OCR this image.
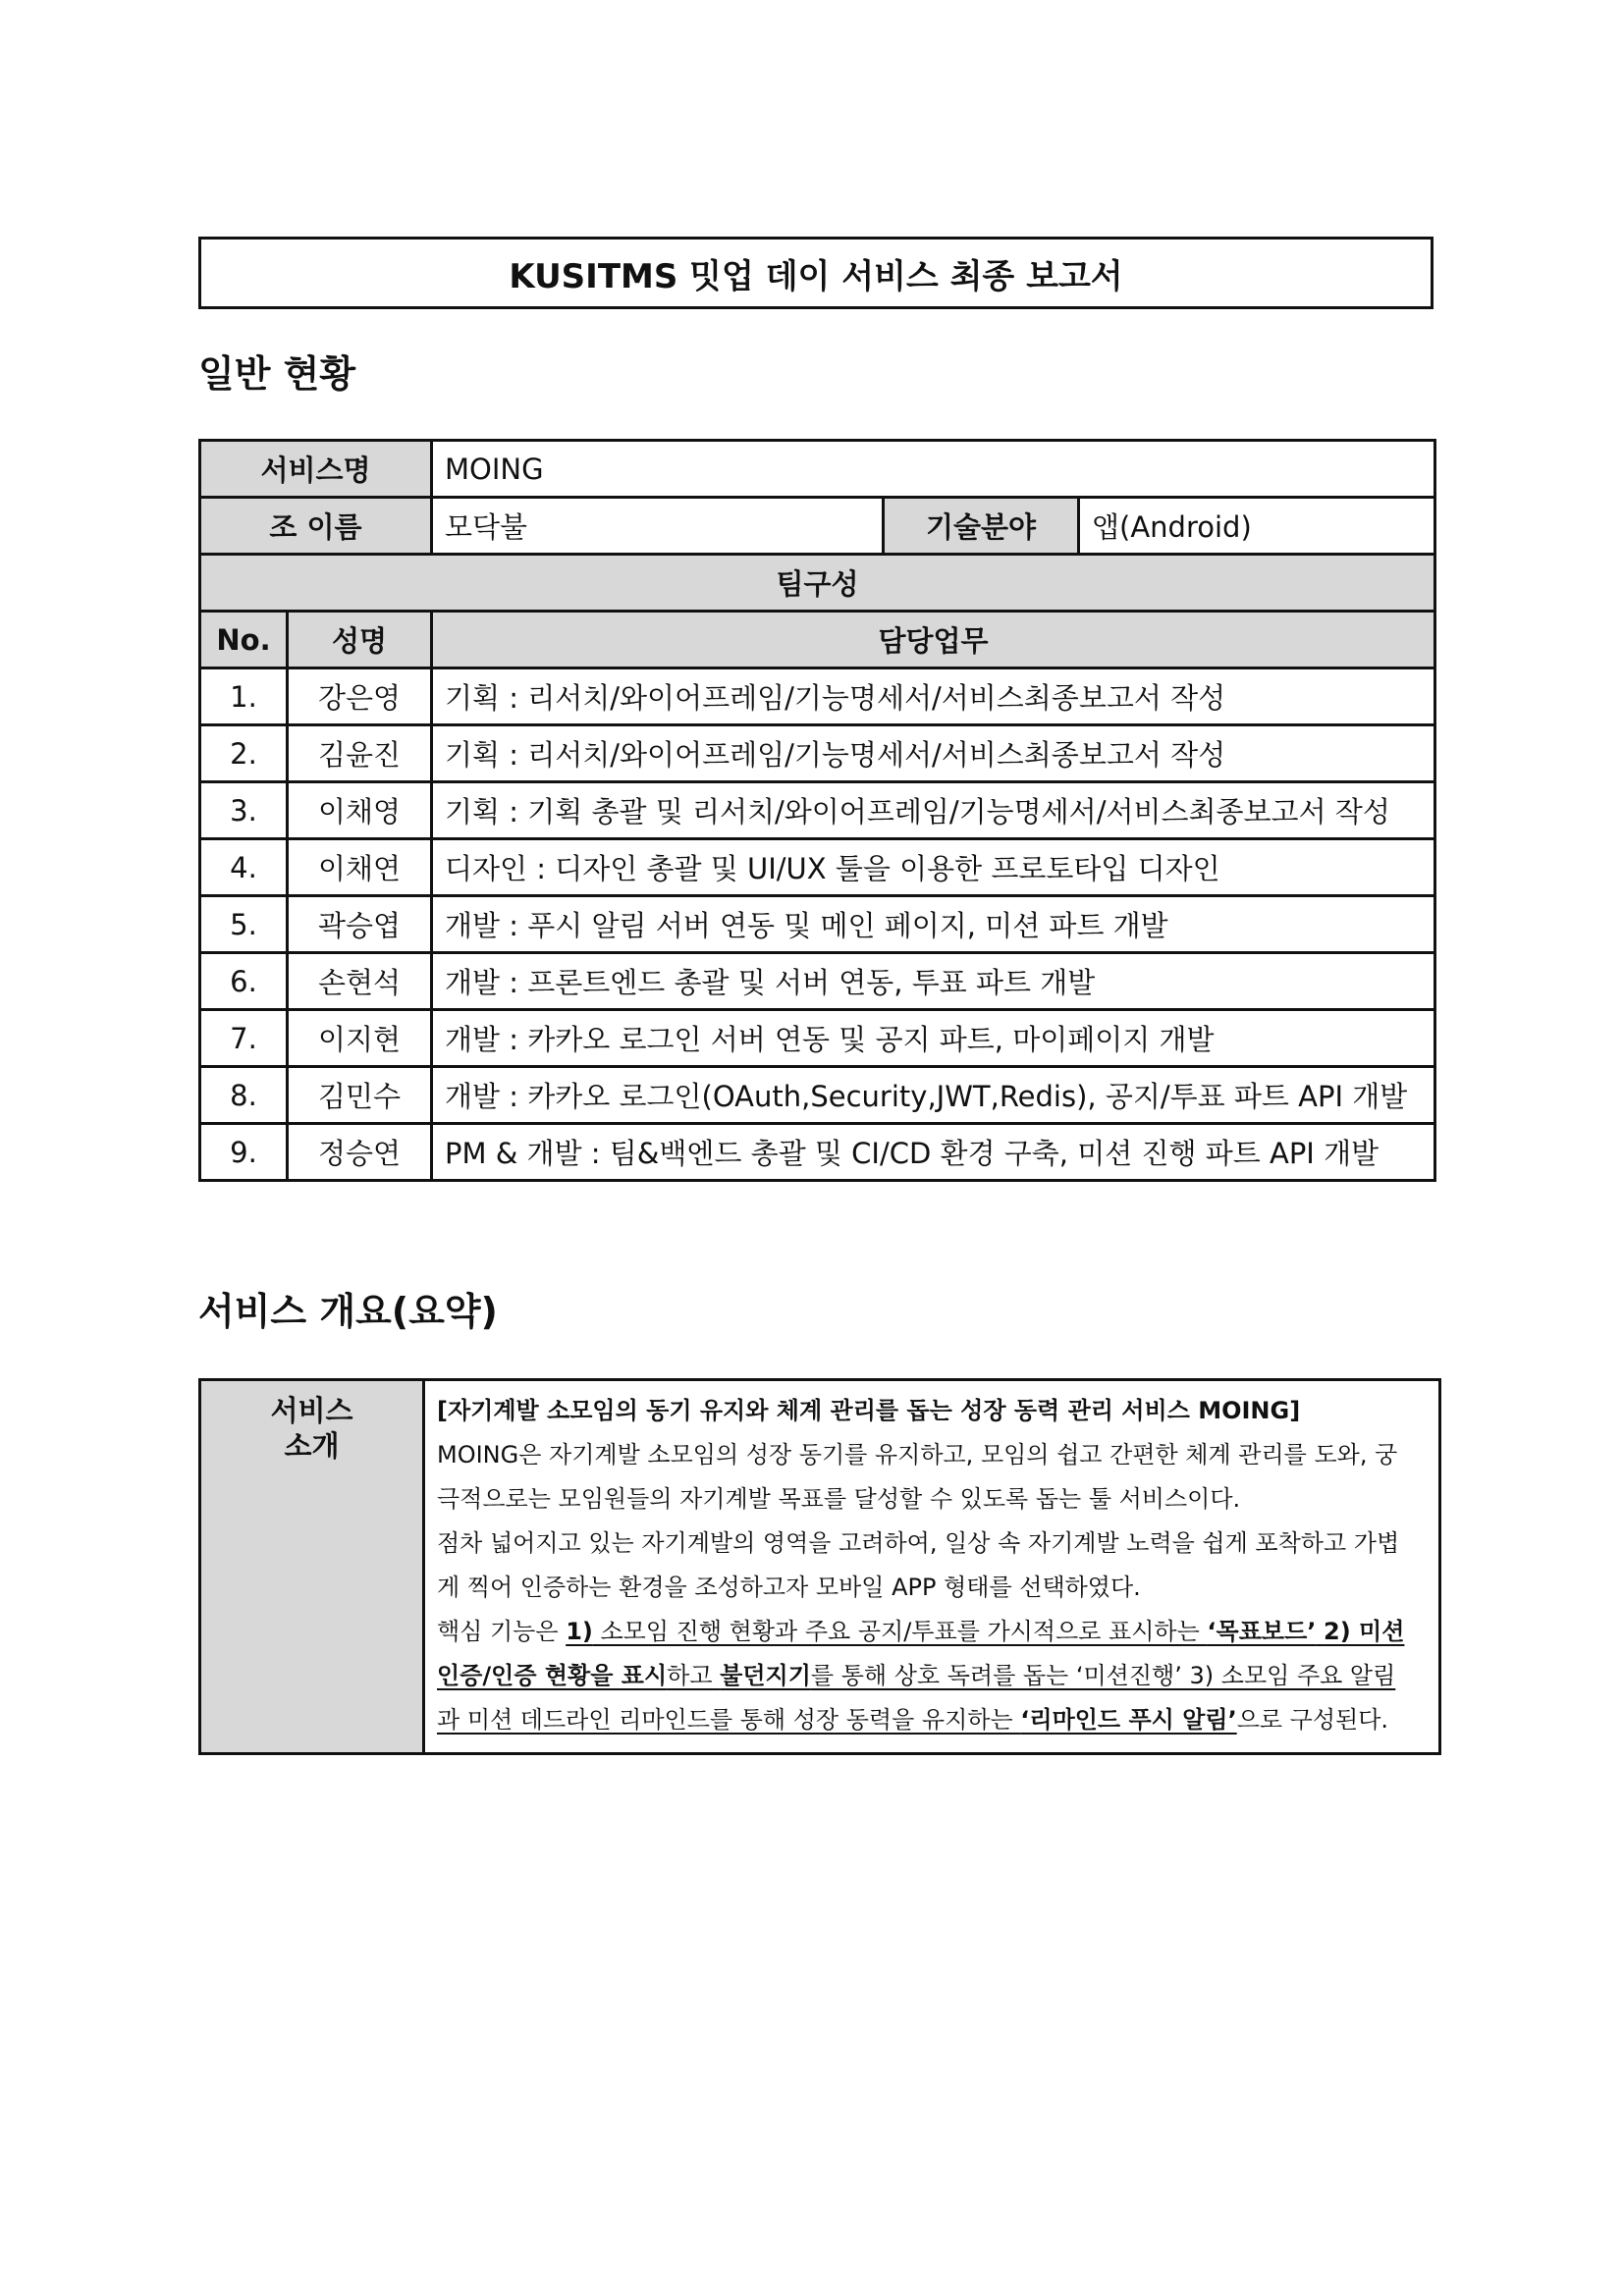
KUSITMS 밋업 데이 서비스 최종 보고서
일반 현황
서비스명		MOING		
조 이름		모닥불	기술분야	앱(Android)
팀구성				
No.	성명	담당업무		
1.	강은영	기획 : 리서치/와이어프레임/기능명세서/서비스최종보고서 작성		
2.	김윤진	기획 : 리서치/와이어프레임/기능명세서/서비스최종보고서 작성		
3.	이채영	기획 : 기획 총괄 및 리서치/와이어프레임/기능명세서/서비스최종보고서 작성		
4.	이채연	디자인 : 디자인 총괄 및 UI/UX 툴을 이용한 프로토타입 디자인		
5.	곽승엽	개발 : 푸시 알림 서버 연동 및 메인 페이지, 미션 파트 개발		
6.	손현석	개발 : 프론트엔드 총괄 및 서버 연동, 투표 파트 개발		
7.	이지현	개발 : 카카오 로그인 서버 연동 및 공지 파트, 마이페이지 개발		
8.	김민수	개발 : 카카오 로그인(OAuth,Security,JWT,Redis), 공지/투표 파트 API 개발		
9.	정승연	PM & 개발 : 팀&백엔드 총괄 및 CI/CD 환경 구축, 미션 진행 파트 API 개발		
서비스 개요(요약)
서비스
소개	
[자기계발 소모임의 동기 유지와 체계 관리를 돕는 성장 동력 관리 서비스 MOING]
MOING은 자기계발 소모임의 성장 동기를 유지하고, 모임의 쉽고 간편한 체계 관리를 도와, 궁
극적으로는 모임원들의 자기계발 목표를 달성할 수 있도록 돕는 툴 서비스이다.
점차 넓어지고 있는 자기계발의 영역을 고려하여, 일상 속 자기계발 노력을 쉽게 포착하고 가볍
게 찍어 인증하는 환경을 조성하고자 모바일 APP 형태를 선택하였다.
핵심 기능은 1) 소모임 진행 현황과 주요 공지/투표를 가시적으로 표시하는 ‘목표보드’ 2) 미션
인증/인증 현황을 표시하고 불던지기를 통해 상호 독려를 돕는 ‘미션진행’ 3) 소모임 주요 알림
과 미션 데드라인 리마인드를 통해 성장 동력을 유지하는 ‘리마인드 푸시 알림’으로 구성된다.
